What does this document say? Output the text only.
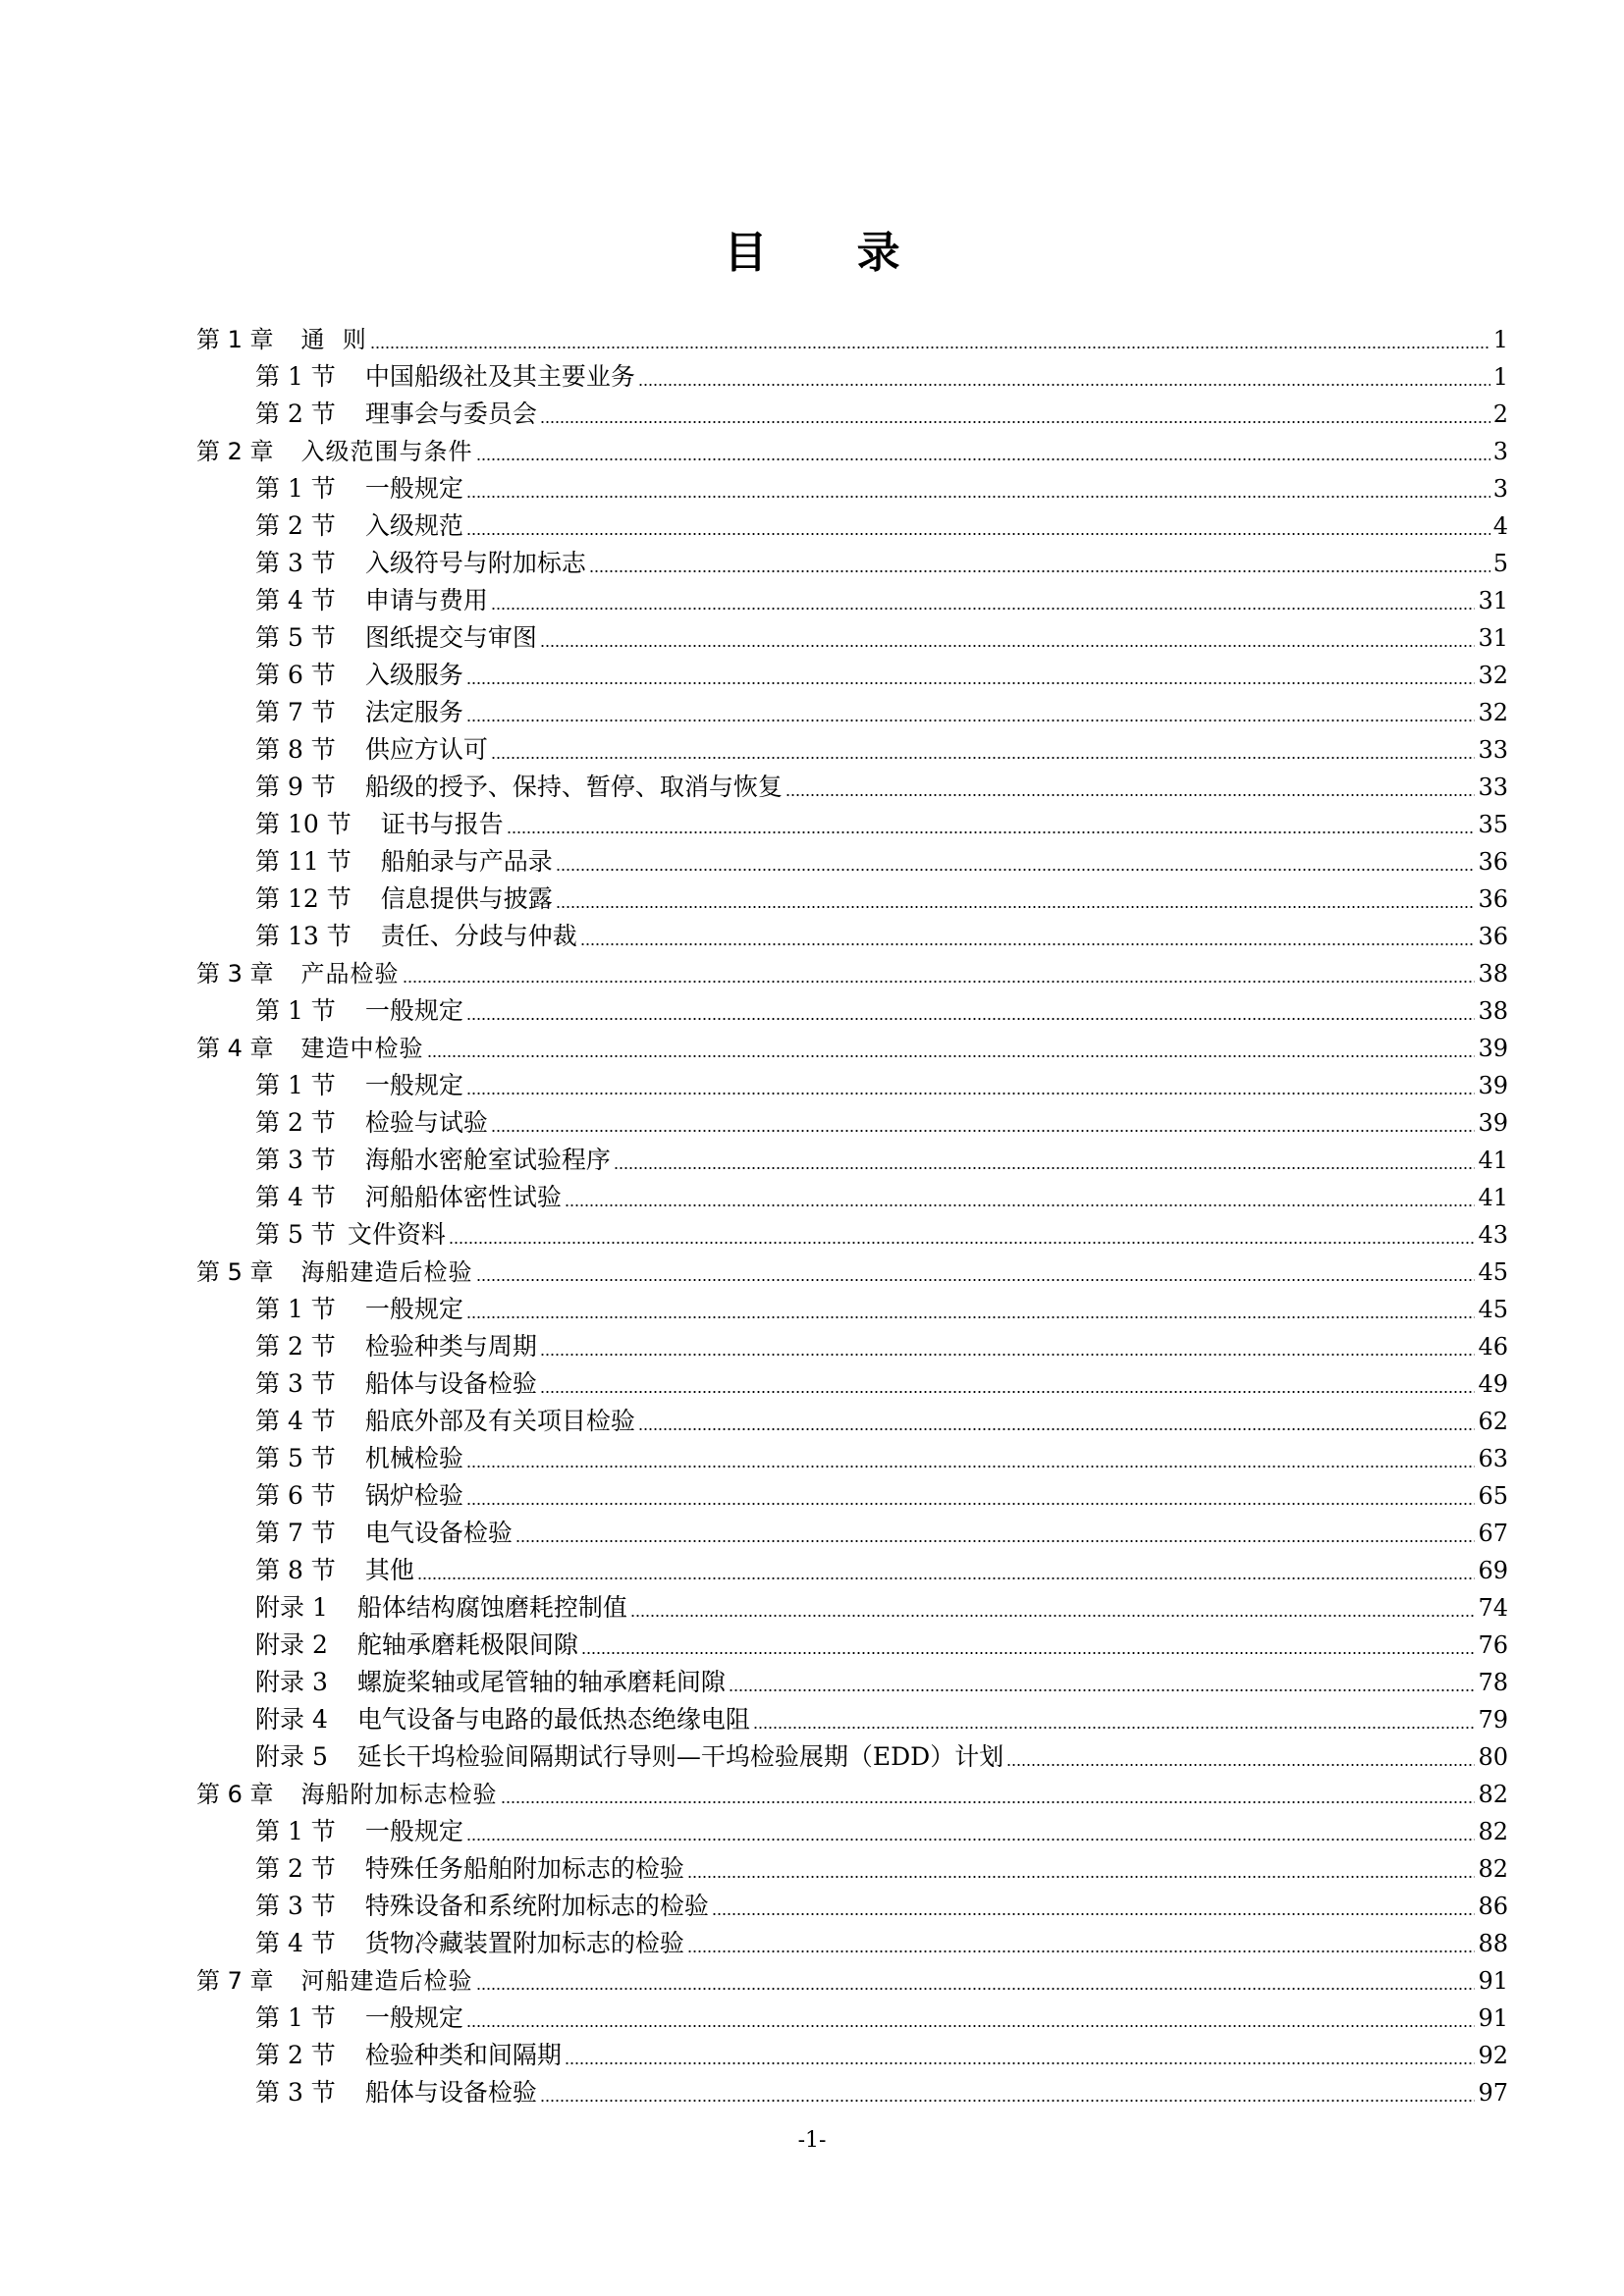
目 录
第 1 章 通  则	1
第 1 节 中国船级社及其主要业务	1
第 2 节 理事会与委员会	2
第 2 章 入级范围与条件	3
第 1 节 一般规定	3
第 2 节 入级规范	4
第 3 节 入级符号与附加标志	5
第 4 节 申请与费用	31
第 5 节 图纸提交与审图	31
第 6 节 入级服务	32
第 7 节 法定服务	32
第 8 节 供应方认可	33
第 9 节 船级的授予、保持、暂停、取消与恢复	33
第 10 节 证书与报告	35
第 11 节 船舶录与产品录	36
第 12 节 信息提供与披露	36
第 13 节 责任、分歧与仲裁	36
第 3 章 产品检验	38
第 1 节 一般规定	38
第 4 章 建造中检验	39
第 1 节 一般规定	39
第 2 节 检验与试验	39
第 3 节 海船水密舱室试验程序	41
第 4 节 河船船体密性试验	41
第 5 节 文件资料	43
第 5 章 海船建造后检验	45
第 1 节 一般规定	45
第 2 节 检验种类与周期	46
第 3 节 船体与设备检验	49
第 4 节 船底外部及有关项目检验	62
第 5 节 机械检验	63
第 6 节 锅炉检验	65
第 7 节 电气设备检验	67
第 8 节 其他	69
附录 1 船体结构腐蚀磨耗控制值	74
附录 2 舵轴承磨耗极限间隙	76
附录 3 螺旋桨轴或尾管轴的轴承磨耗间隙	78
附录 4 电气设备与电路的最低热态绝缘电阻	79
附录 5 延长干坞检验间隔期试行导则—干坞检验展期（EDD）计划	80
第 6 章 海船附加标志检验	82
第 1 节 一般规定	82
第 2 节 特殊任务船舶附加标志的检验	82
第 3 节 特殊设备和系统附加标志的检验	86
第 4 节 货物冷藏装置附加标志的检验	88
第 7 章 河船建造后检验	91
第 1 节 一般规定	91
第 2 节 检验种类和间隔期	92
第 3 节 船体与设备检验	97
-1-
